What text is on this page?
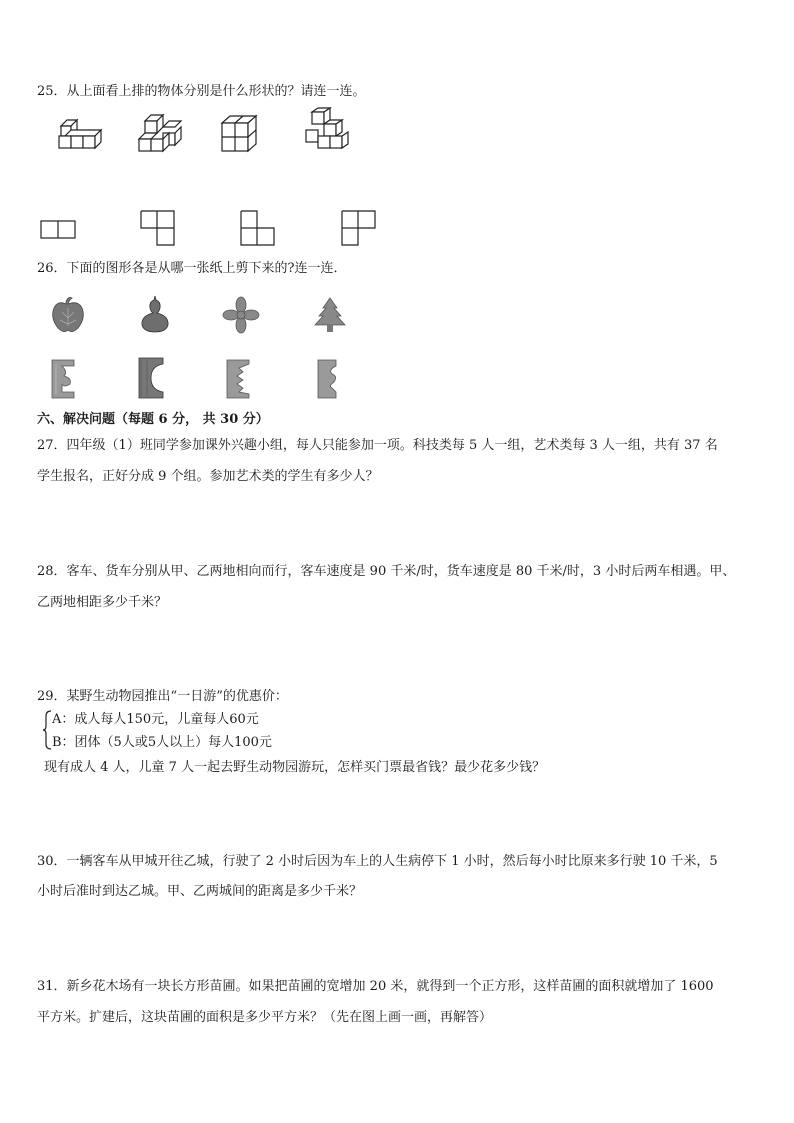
25．从上面看上排的物体分别是什么形状的？请连一连。
26．下面的图形各是从哪一张纸上剪下来的?连一连．
六、解决问题（每题 6 分， 共 30 分）
27．四年级（1）班同学参加课外兴趣小组，每人只能参加一项。科技类每 5 人一组，艺术类每 3 人一组，共有 37 名
学生报名，正好分成 9 个组。参加艺术类的学生有多少人？
28．客车、货车分别从甲、乙两地相向而行，客车速度是 90 千米/时，货车速度是 80 千米/时，3 小时后两车相遇。甲、
乙两地相距多少千米？
29．某野生动物园推出“一日游”的优惠价：
A：成人每人150元，儿童每人60元
B：团体（5人或5人以上）每人100元
现有成人 4 人，儿童 7 人一起去野生动物园游玩，怎样买门票最省钱？最少花多少钱？
30．一辆客车从甲城开往乙城，行驶了 2 小时后因为车上的人生病停下 1 小时，然后每小时比原来多行驶 10 千米，5
小时后准时到达乙城。甲、乙两城间的距离是多少千米？
31．新乡花木场有一块长方形苗圃。如果把苗圃的宽增加 20 米，就得到一个正方形，这样苗圃的面积就增加了 1600
平方米。扩建后，这块苗圃的面积是多少平方米？（先在图上画一画，再解答）
